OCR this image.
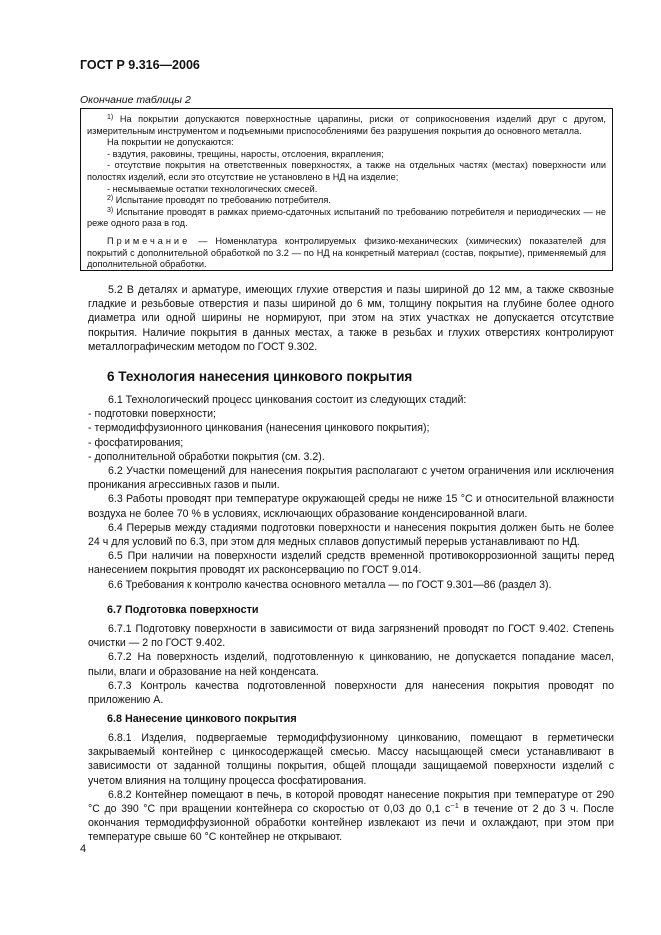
ГОСТ Р 9.316—2006

Окончание таблицы 2

$^{1)}$ На покрытии допускаются поверхностные царапины, риски от соприкосновения изделий друг с другом, измерительным инструментом и подъемными приспособлениями без разрушения покрытия до основного металла.

На покрытии не допускаются:

- вздутия, раковины, трещины, наросты, отслоения, вкрапления;

- отсутствие покрытия на ответственных поверхностях, а также на отдельных частях (местах) поверхности или полостях изделий, если это отсутствие не установлено в НД на изделие;

- несмываемые остатки технологических смесей.

$^{2)}$ Испытание проводят по требованию потребителя.

$^{3)}$ Испытание проводят в рамках приемо-сдаточных испытаний по требованию потребителя и периодических — не реже одного раза в год.

Примечание — Номенклатура контролируемых физико-механических (химических) показателей для покрытий с дополнительной обработкой по 3.2 — по НД на конкретный материал (состав, покрытие), применяемый для дополнительной обработки.

5.2 В деталях и арматуре, имеющих глухие отверстия и пазы шириной до 12 мм, а также сквозные гладкие и резьбовые отверстия и пазы шириной до 6 мм, толщину покрытия на глубине более одного диаметра или одной ширины не нормируют, при этом на этих участках не допускается отсутствие покрытия. Наличие покрытия в данных местах, а также в резьбах и глухих отверстиях контролируют металлографическим методом по ГОСТ 9.302.

6 Технология нанесения цинкового покрытия

6.1 Технологический процесс цинкования состоит из следующих стадий:

- подготовки поверхности;

- термодиффузионного цинкования (нанесения цинкового покрытия);

- фосфатирования;

- дополнительной обработки покрытия (см. 3.2).

6.2 Участки помещений для нанесения покрытия располагают с учетом ограничения или исключения проникания агрессивных газов и пыли.

6.3 Работы проводят при температуре окружающей среды не ниже 15 °С и относительной влажности воздуха не более 70 % в условиях, исключающих образование конденсированной влаги.

6.4 Перерыв между стадиями подготовки поверхности и нанесения покрытия должен быть не более 24 ч для условий по 6.3, при этом для медных сплавов допустимый перерыв устанавливают по НД.

6.5 При наличии на поверхности изделий средств временной противокоррозионной защиты перед нанесением покрытия проводят их расконсервацию по ГОСТ 9.014.

6.6 Требования к контролю качества основного металла — по ГОСТ 9.301—86 (раздел 3).

6.7 Подготовка поверхности

6.7.1 Подготовку поверхности в зависимости от вида загрязнений проводят по ГОСТ 9.402. Степень очистки — 2 по ГОСТ 9.402.

6.7.2 На поверхность изделий, подготовленную к цинкованию, не допускается попадание масел, пыли, влаги и образование на ней конденсата.

6.7.3 Контроль качества подготовленной поверхности для нанесения покрытия проводят по приложению А.

6.8 Нанесение цинкового покрытия

6.8.1 Изделия, подвергаемые термодиффузионному цинкованию, помещают в герметически закрываемый контейнер с цинкосодержащей смесью. Массу насыщающей смеси устанавливают в зависимости от заданной толщины покрытия, общей площади защищаемой поверхности изделий с учетом влияния на толщину процесса фосфатирования.

6.8.2 Контейнер помещают в печь, в которой проводят нанесение покрытия при температуре от 290 °С до 390 °С при вращении контейнера со скоростью от 0,03 до 0,1 $с^{-1}$ в течение от 2 до 3 ч. После окончания термодиффузионной обработки контейнер извлекают из печи и охлаждают, при этом при температуре свыше 60 °С контейнер не открывают.

4
